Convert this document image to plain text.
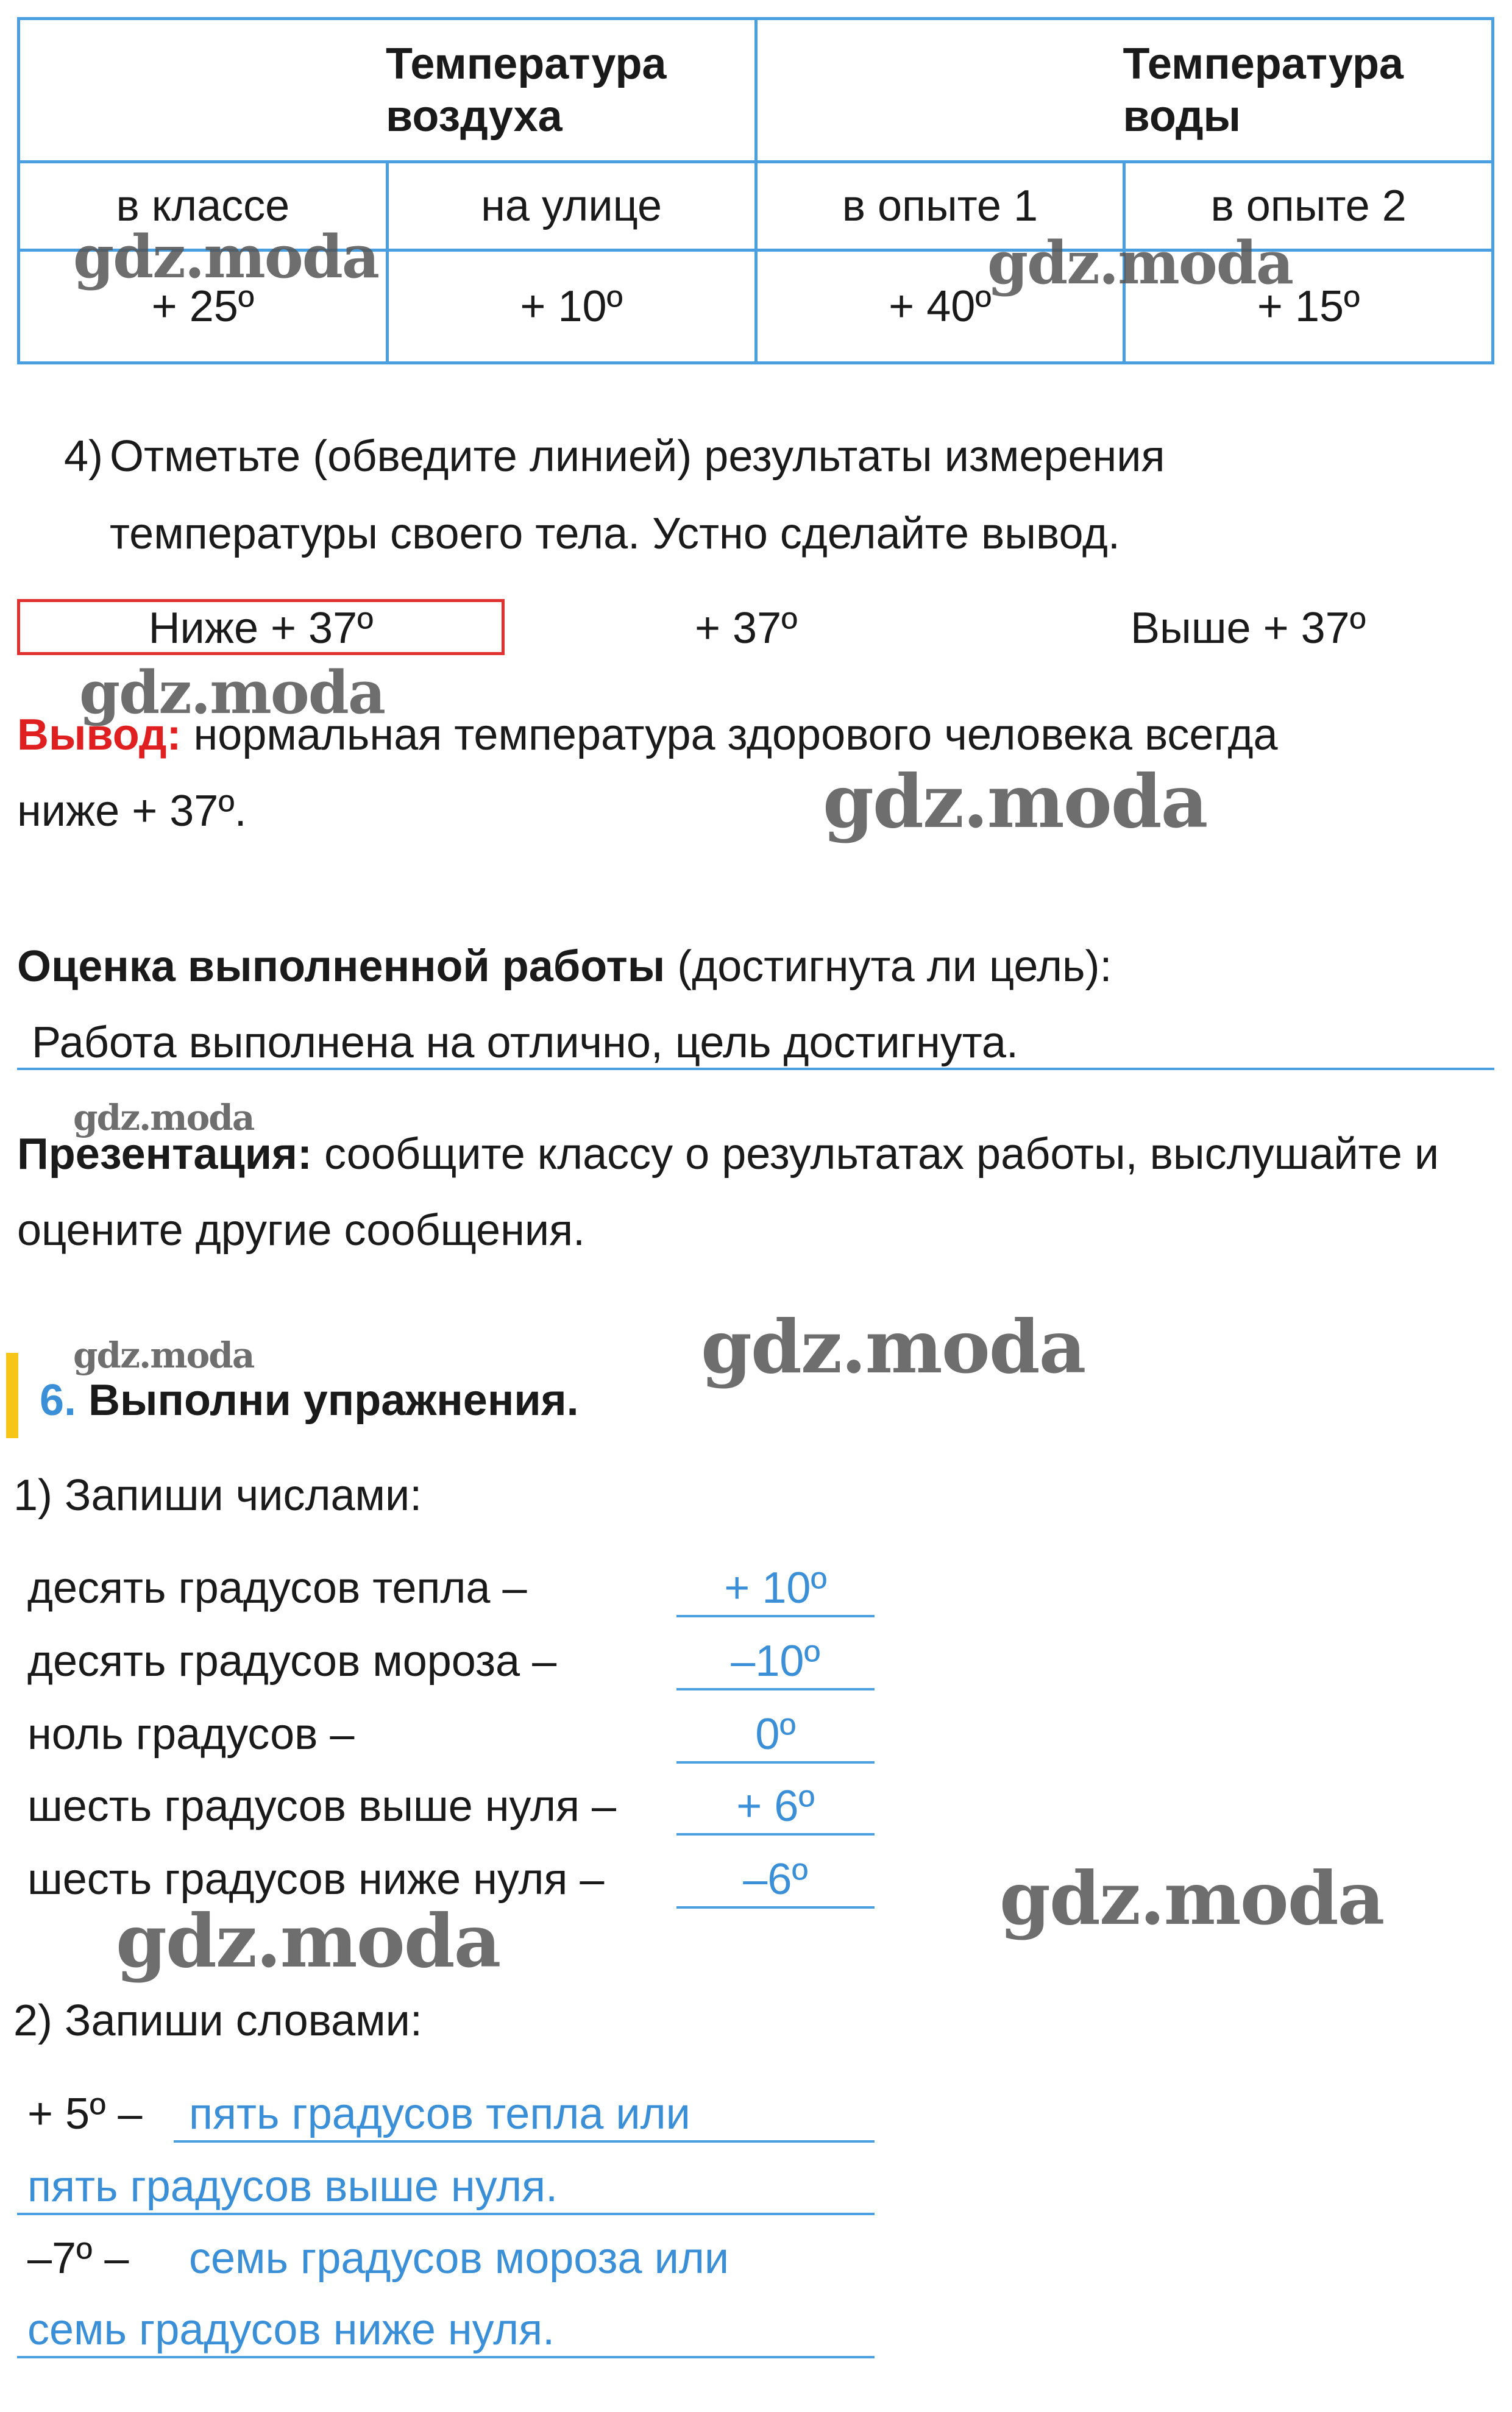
Температура воздуха		Температура воды	
в классе	на улице	в опыте 1	в опыте 2
+ 25º	+ 10º	+ 40º	+ 15º
4) Отметьте (обведите линией) результаты измерения
температуры своего тела. Устно сделайте вывод.
Ниже + 37º	+ 37º	Выше + 37º
Вывод: нормальная температура здорового человека всегда
ниже + 37º.
Оценка выполненной работы (достигнута ли цель):
Работа выполнена на отлично, цель достигнута.
Презентация: сообщите классу о результатах работы, выслушайте и
оцените другие сообщения.
6. Выполни упражнения.
1) Запиши числами:
десять градусов тепла –	+ 10º
десять градусов мороза –	–10º
ноль градусов –	0º
шесть градусов выше нуля –	+ 6º
шесть градусов ниже нуля –	–6º
2) Запиши словами:
+ 5º – пять градусов тепла или
пять градусов выше нуля.
–7º – семь градусов мороза или
семь градусов ниже нуля.
gdz.moda	gdz.moda
gdz.moda
gdz.moda
gdz.moda
gdz.moda	gdz.moda
gdz.moda
gdz.moda
